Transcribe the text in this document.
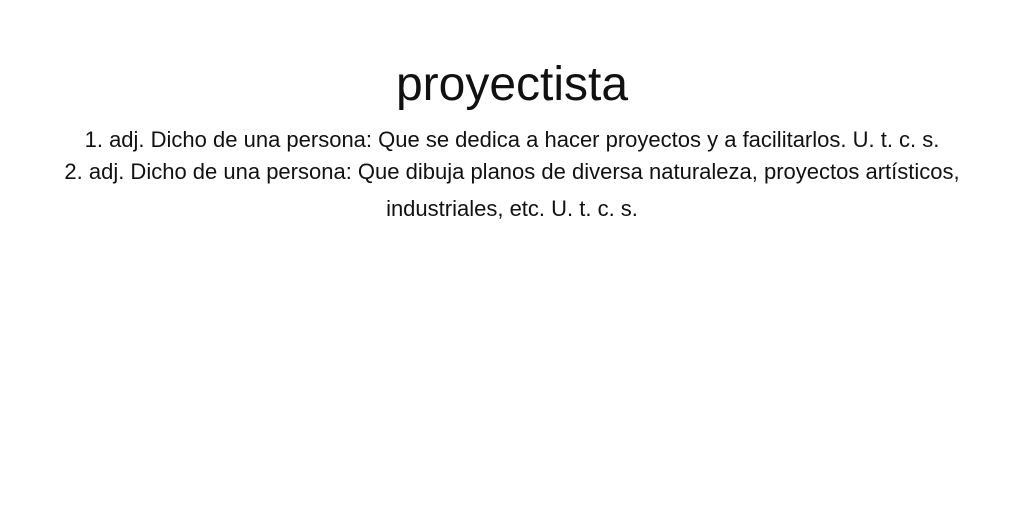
proyectista
1. adj. Dicho de una persona: Que se dedica a hacer proyectos y a facilitarlos. U. t. c. s.
2. adj. Dicho de una persona: Que dibuja planos de diversa naturaleza, proyectos artísticos, industriales, etc. U. t. c. s.
